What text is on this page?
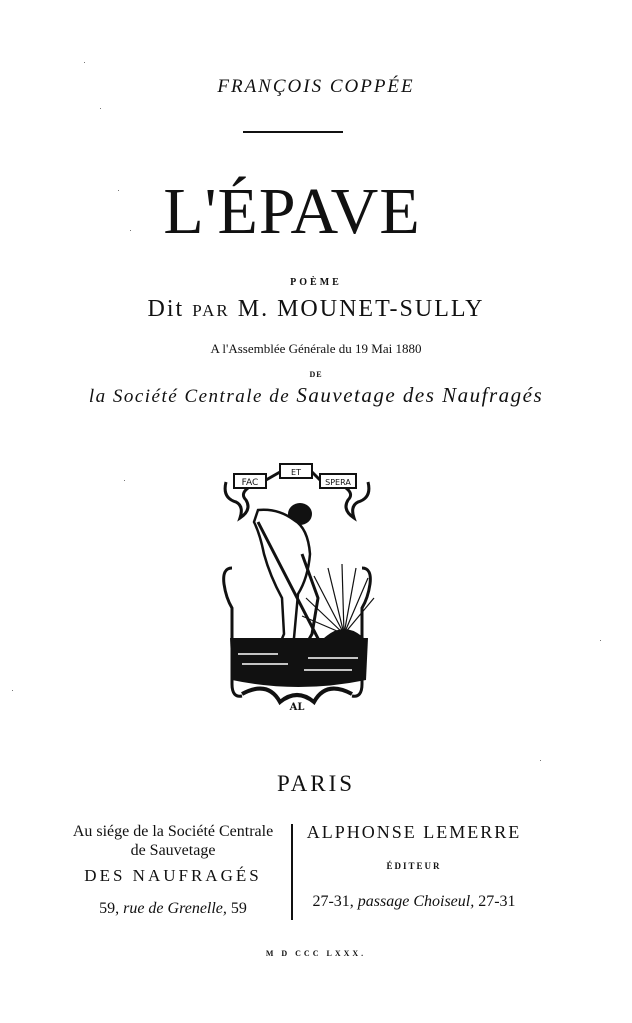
FRANÇOIS COPPÉE
L'ÉPAVE
POÈME
Dit PAR M. MOUNET-SULLY
A l'Assemblée Générale du 19 Mai 1880
DE
la Société Centrale de Sauvetage des Naufragés
FAC
ET
SPERA
AL
PARIS
Au siége de la Société Centrale
de Sauvetage
DES NAUFRAGÉS
59, rue de Grenelle, 59
ALPHONSE LEMERRE
ÉDITEUR
27-31, passage Choiseul, 27-31
M D CCC LXXX.
